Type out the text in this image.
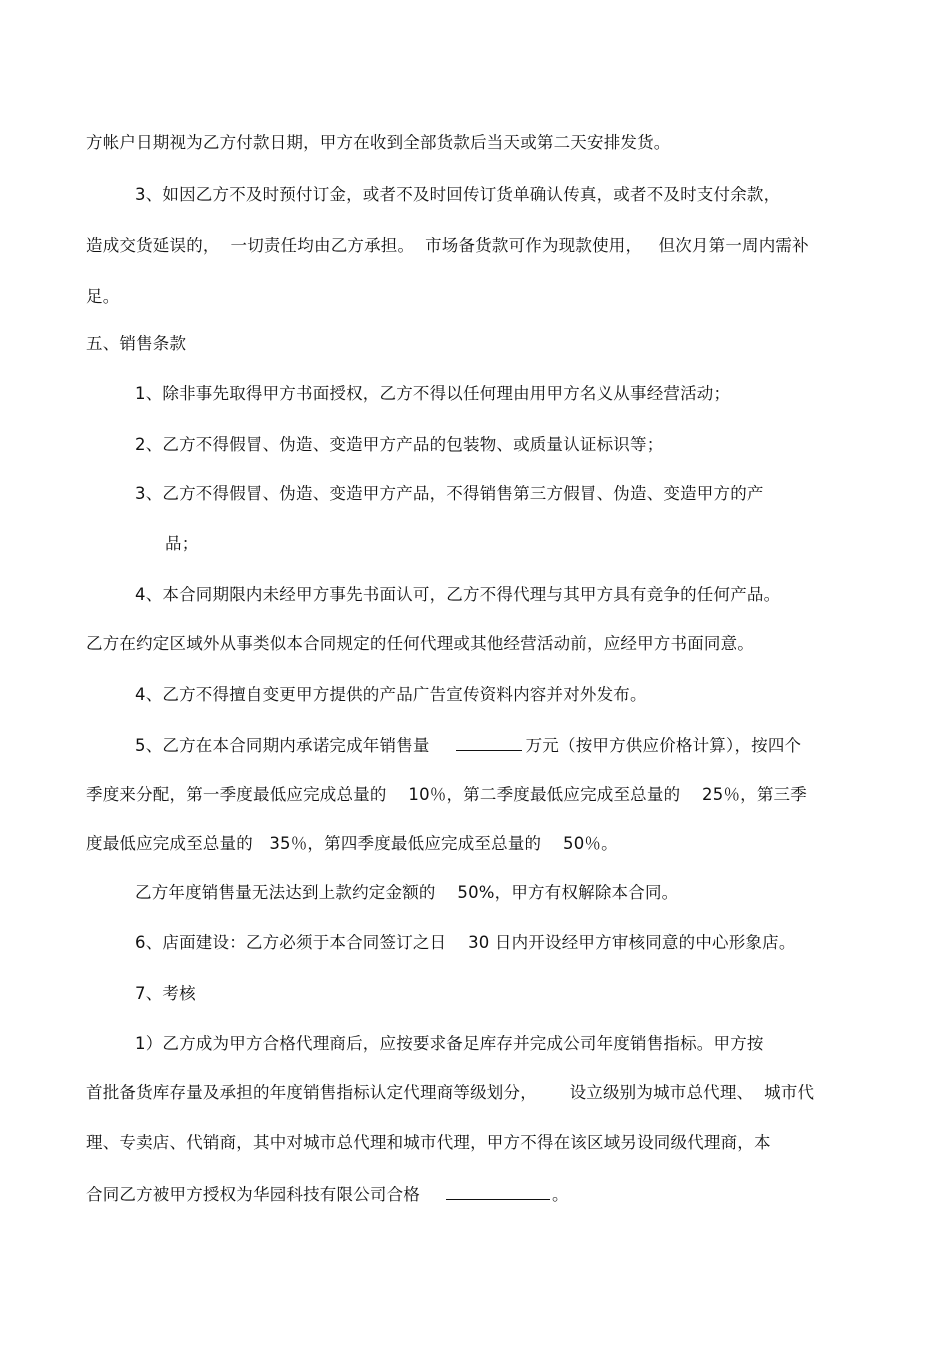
方帐户日期视为乙方付款日期，甲方在收到全部货款后当天或第二天安排发货。
3、如因乙方不及时预付订金，或者不及时回传订货单确认传真，或者不及时支付余款，
造成交货延误的，  一切责任均由乙方承担。  市场备货款可作为现款使用，   但次月第一周内需补
足。
五、销售条款
1、除非事先取得甲方书面授权，乙方不得以任何理由用甲方名义从事经营活动；
2、乙方不得假冒、伪造、变造甲方产品的包装物、或质量认证标识等；
3、乙方不得假冒、伪造、变造甲方产品，不得销售第三方假冒、伪造、变造甲方的产
品；
4、本合同期限内未经甲方事先书面认可，乙方不得代理与其甲方具有竞争的任何产品。
乙方在约定区域外从事类似本合同规定的任何代理或其他经营活动前，应经甲方书面同意。
4、乙方不得擅自变更甲方提供的产品广告宣传资料内容并对外发布。
5、乙方在本合同期内承诺完成年销售量	万元（按甲方供应价格计算），按四个
季度来分配，第一季度最低应完成总量的    10％，第二季度最低应完成至总量的    25％，第三季
度最低应完成至总量的   35％，第四季度最低应完成至总量的    50％。
乙方年度销售量无法达到上款约定金额的    50%，甲方有权解除本合同。
6、店面建设：乙方必须于本合同签订之日    30 日内开设经甲方审核同意的中心形象店。
7、考核
1）乙方成为甲方合格代理商后，应按要求备足库存并完成公司年度销售指标。甲方按
首批备货库存量及承担的年度销售指标认定代理商等级划分，      设立级别为城市总代理、  城市代
理、专卖店、代销商，其中对城市总代理和城市代理，甲方不得在该区域另设同级代理商，本
合同乙方被甲方授权为华园科技有限公司合格	。
